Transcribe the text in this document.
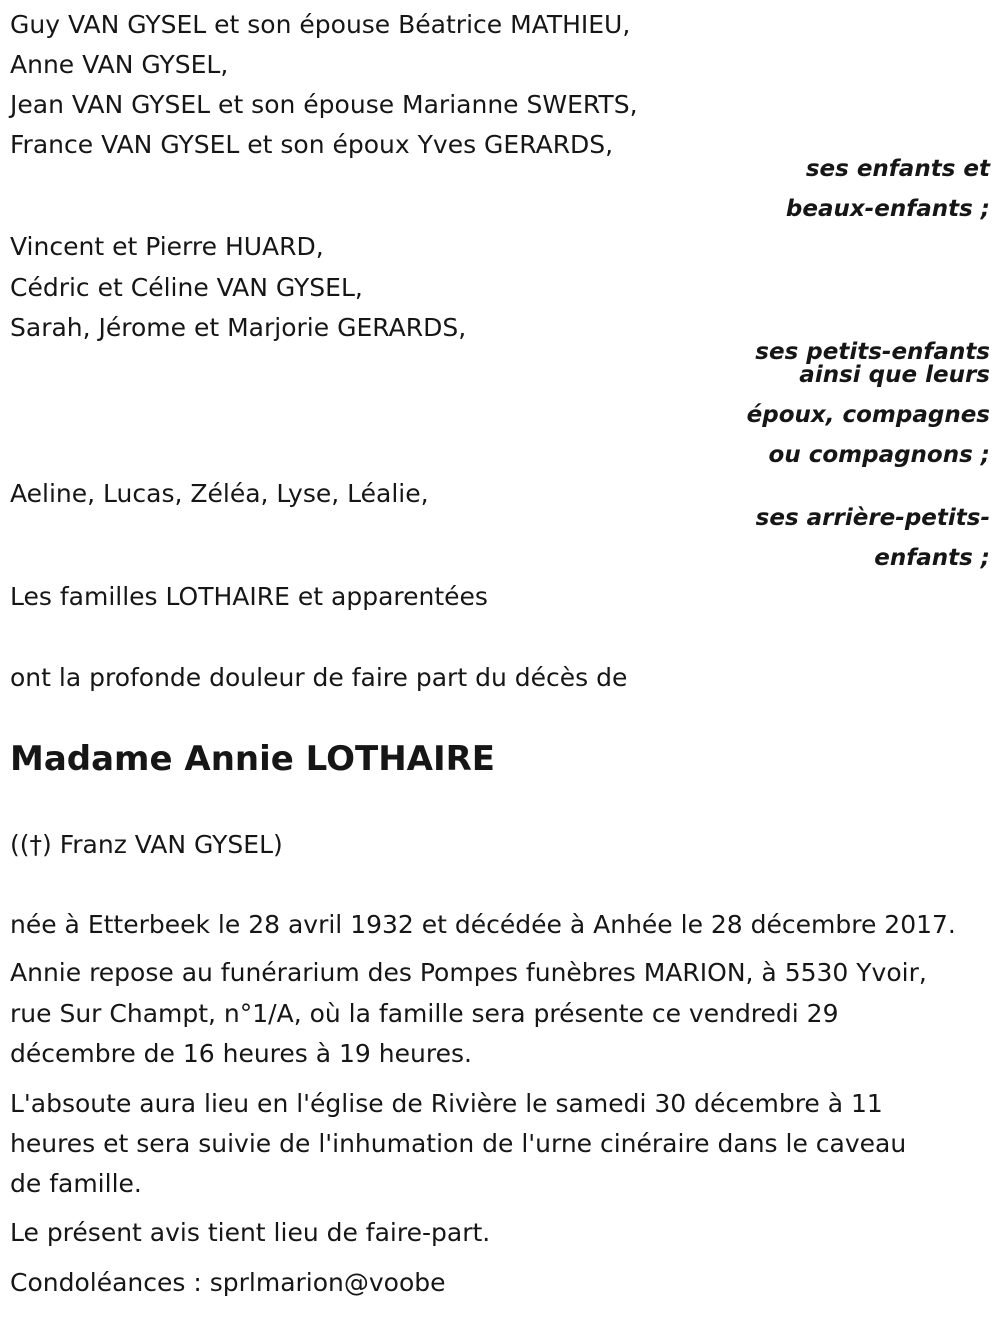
Guy VAN GYSEL et son épouse Béatrice MATHIEU,
Anne VAN GYSEL,
Jean VAN GYSEL et son épouse Marianne SWERTS,
France VAN GYSEL et son époux Yves GERARDS,
ses enfants et
beaux-enfants ;
Vincent et Pierre HUARD,
Cédric et Céline VAN GYSEL,
Sarah, Jérome et Marjorie GERARDS,
ses petits-enfants
ainsi que leurs
époux, compagnes
ou compagnons ;
Aeline, Lucas, Zéléa, Lyse, Léalie,
ses arrière-petits-
enfants ;
Les familles LOTHAIRE et apparentées
ont la profonde douleur de faire part du décès de
Madame Annie LOTHAIRE
((†) Franz VAN GYSEL)
née à Etterbeek le 28 avril 1932 et décédée à Anhée le 28 décembre 2017.
Annie repose au funérarium des Pompes funèbres MARION, à 5530 Yvoir,
rue Sur Champt, n°1/A, où la famille sera présente ce vendredi 29
décembre de 16 heures à 19 heures.
L'absoute aura lieu en l'église de Rivière le samedi 30 décembre à 11
heures et sera suivie de l'inhumation de l'urne cinéraire dans le caveau
de famille.
Le présent avis tient lieu de faire-part.
Condoléances : sprlmarion@voobe
